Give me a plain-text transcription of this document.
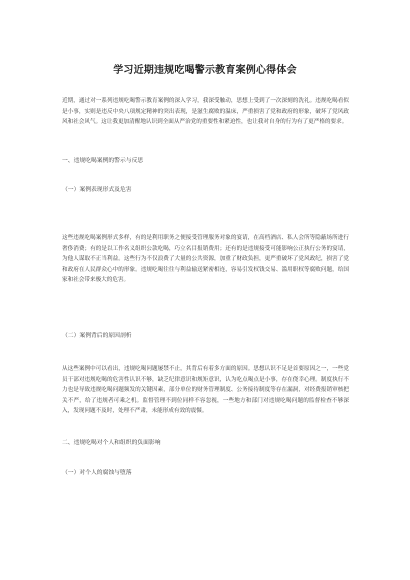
学习近期违规吃喝警示教育案例心得体会

近期，通过对一系列违规吃喝警示教育案例的深入学习，我深受触动，思想上受到了一次深刻的洗礼。违规吃喝看似是小事，实则是违反中央八项规定精神的突出表现，是滋生腐败的温床，严重损害了党和政府的形象，破坏了党风政风和社会风气。这让我更加清醒地认识到全面从严治党的重要性和紧迫性，也让我对自身的行为有了更严格的要求。

一、违规吃喝案例的警示与反思

（一）案例表现形式及危害

这些违规吃喝案例形式多样，有的是利用职务之便接受管理服务对象的宴请，在高档酒店、私人会所等隐蔽场所进行奢侈消费；有的是以工作名义组织公款吃喝，巧立名目报销费用；还有的是违规接受可能影响公正执行公务的宴请，为他人谋取不正当利益。这些行为不仅浪费了大量的公共资源，加重了财政负担，更严重破坏了党风政纪，损害了党和政府在人民群众心中的形象。违规吃喝往往与利益输送紧密相连，容易引发权钱交易、滥用职权等腐败问题，给国家和社会带来极大的危害。

（二）案例背后的原因剖析

从这些案例中可以看出，违规吃喝问题屡禁不止，其背后有着多方面的原因。思想认识不足是首要原因之一，一些党员干部对违规吃喝的危害性认识不够，缺乏纪律意识和规矩意识，认为吃点喝点是小事，存在侥幸心理。制度执行不力也是导致违规吃喝问题频发的关键因素，部分单位的财务管理制度、公务接待制度等存在漏洞，对经费报销审核把关不严，给了违规者可乘之机。监督管理不到位同样不容忽视，一些地方和部门对违规吃喝问题的监督检查不够深入，发现问题不及时，处理不严肃，未能形成有效的震慑。

二、违规吃喝对个人和组织的负面影响

（一）对个人的腐蚀与堕落
